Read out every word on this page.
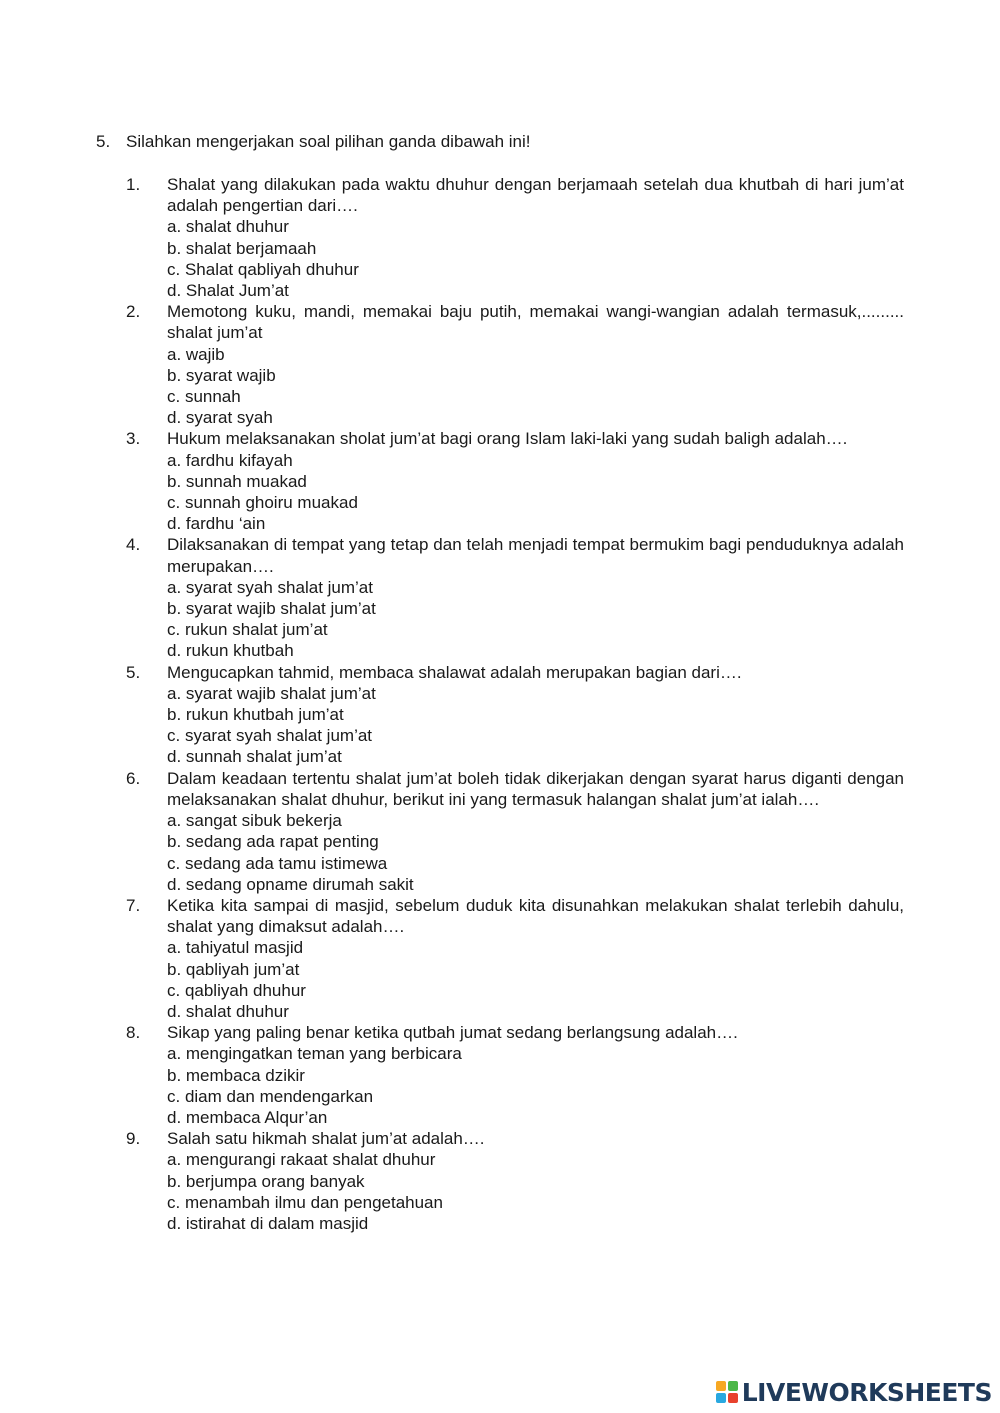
5. Silahkan mengerjakan soal pilihan ganda dibawah ini!
1.	Shalat yang dilakukan pada waktu dhuhur dengan berjamaah setelah dua khutbah di hari jum’at adalah pengertian dari….
a. shalat dhuhur
b. shalat berjamaah
c. Shalat qabliyah dhuhur
d. Shalat Jum’at
2.	Memotong kuku, mandi, memakai baju putih, memakai wangi-wangian adalah termasuk,......... shalat jum’at
a. wajib
b. syarat wajib
c. sunnah
d. syarat syah
3.	Hukum melaksanakan sholat jum’at bagi orang Islam laki-laki yang sudah baligh adalah….
a. fardhu kifayah
b. sunnah muakad
c. sunnah ghoiru muakad
d. fardhu ‘ain
4.	Dilaksanakan di tempat yang tetap dan telah menjadi tempat bermukim bagi penduduknya adalah merupakan….
a. syarat syah shalat jum’at
b. syarat wajib shalat jum’at
c. rukun shalat jum’at
d. rukun khutbah
5.	Mengucapkan tahmid, membaca shalawat adalah merupakan bagian dari….
a. syarat wajib shalat jum’at
b. rukun khutbah jum’at
c. syarat syah shalat jum’at
d. sunnah shalat jum’at
6.	Dalam keadaan tertentu shalat jum’at boleh tidak dikerjakan dengan syarat harus diganti dengan melaksanakan shalat dhuhur, berikut ini yang termasuk halangan shalat jum’at ialah….
a. sangat sibuk bekerja
b. sedang ada rapat penting
c. sedang ada tamu istimewa
d. sedang opname dirumah sakit
7.	Ketika kita sampai di masjid, sebelum duduk kita disunahkan melakukan shalat terlebih dahulu, shalat yang dimaksut adalah….
a. tahiyatul masjid
b. qabliyah jum’at
c. qabliyah dhuhur
d. shalat dhuhur
8.	Sikap yang paling benar ketika qutbah jumat sedang berlangsung adalah….
a. mengingatkan teman yang berbicara
b. membaca dzikir
c. diam dan mendengarkan
d. membaca Alqur’an
9.	Salah satu hikmah shalat jum’at adalah….
a. mengurangi rakaat shalat dhuhur
b. berjumpa orang banyak
c. menambah ilmu dan pengetahuan
d. istirahat di dalam masjid
LIVEWORKSHEETS
